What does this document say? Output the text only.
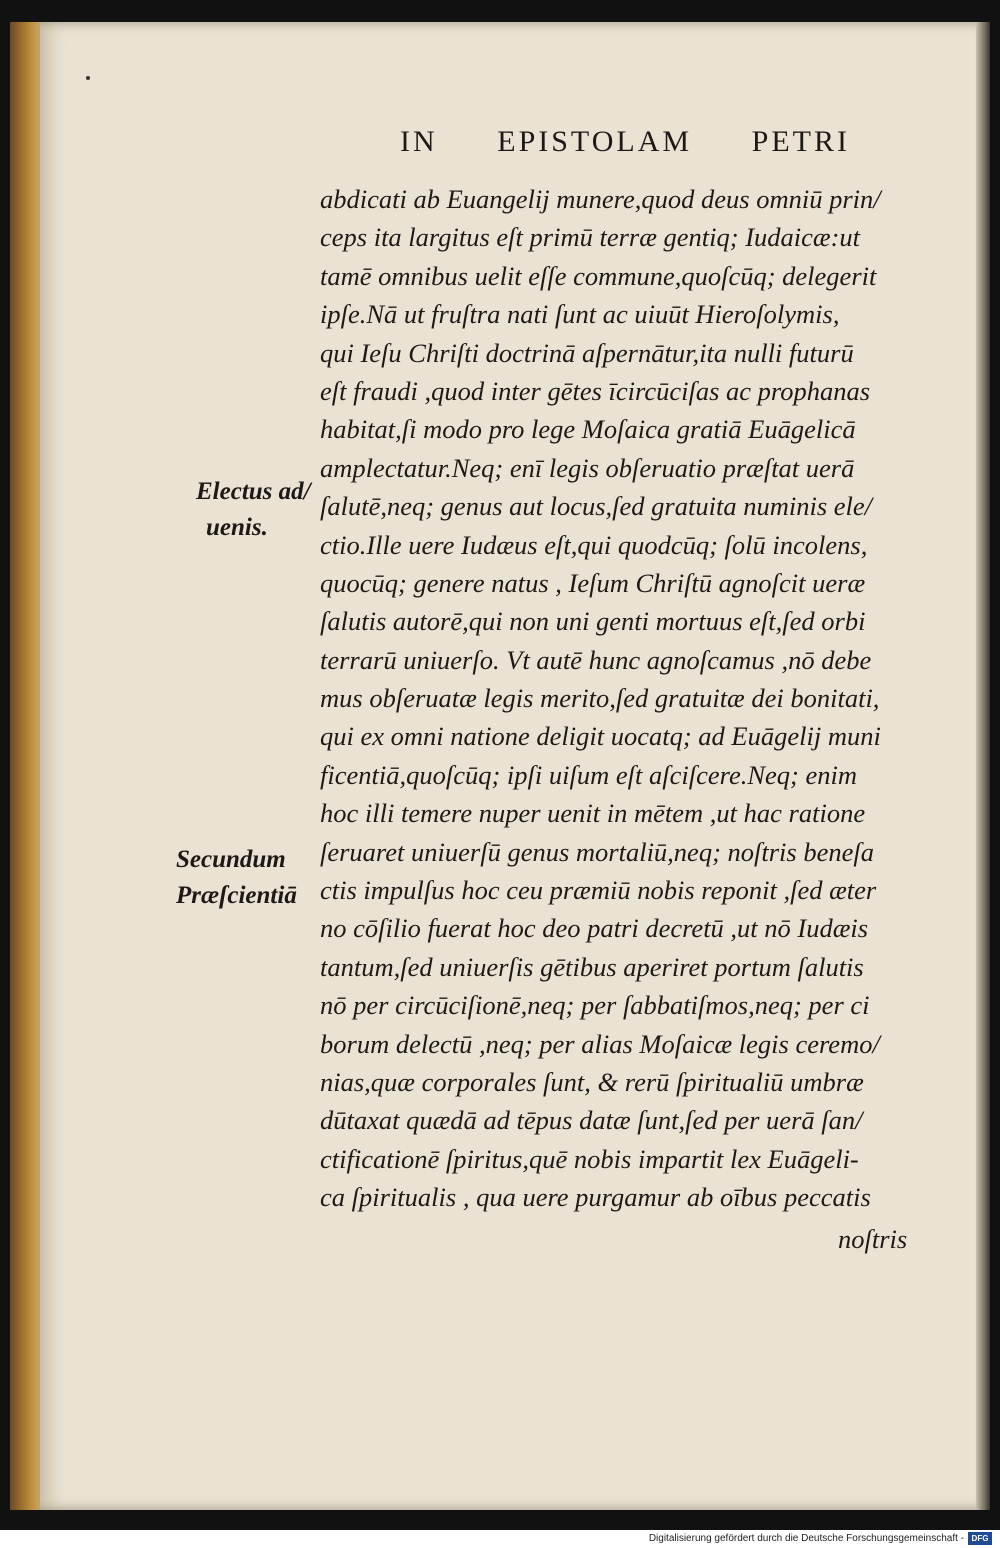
IN EPISTOLAM PETRI
abdicati ab Euangelij munere,quod deus omniū prin/
ceps ita largitus eſt primū terræ gentiq; Iudaicæ:ut
tamē omnibus uelit eſſe commune,quoſcūq; delegerit
ipſe.Nā ut fruſtra nati ſunt ac uiuūt Hieroſolymis,
qui Ieſu Chriſti doctrinā aſpernātur,ita nulli futurū
eſt fraudi ,quod inter gētes īcircūciſas ac prophanas
habitat,ſi modo pro lege Moſaica gratiā Euāgelicā
amplectatur.Neq; enī legis obſeruatio præſtat uerā
ſalutē,neq; genus aut locus,ſed gratuita numinis ele/
ctio.Ille uere Iudæus eſt,qui quodcūq; ſolū incolens,
quocūq; genere natus , Ieſum Chriſtū agnoſcit ueræ
ſalutis autorē,qui non uni genti mortuus eſt,ſed orbi
terrarū uniuerſo. Vt autē hunc agnoſcamus ,nō debe
mus obſeruatæ legis merito,ſed gratuitæ dei bonitati,
qui ex omni natione deligit uocatq; ad Euāgelij muni
ficentiā,quoſcūq; ipſi uiſum eſt aſciſcere.Neq; enim
hoc illi temere nuper uenit in mētem ,ut hac ratione
ſeruaret uniuerſū genus mortaliū,neq; noſtris beneſa
ctis impulſus hoc ceu præmiū nobis reponit ,ſed æter
no cōſilio fuerat hoc deo patri decretū ,ut nō Iudæis
tantum,ſed uniuerſis gētibus aperiret portum ſalutis
nō per circūciſionē,neq; per ſabbatiſmos,neq; per ci
borum delectū ,neq; per alias Moſaicæ legis ceremo/
nias,quæ corporales ſunt, & rerū ſpiritualiū umbræ
dūtaxat quædā ad tēpus datæ ſunt,ſed per uerā ſan/
ctificationē ſpiritus,quē nobis impartit lex Euāgeli-
ca ſpiritualis , qua uere purgamur ab oībus peccatis
noſtris
Electus ad/
uenis.
Secundum
Præſcientiā
Digitalisierung gefördert durch die Deutsche Forschungsgemeinschaft - DFG
